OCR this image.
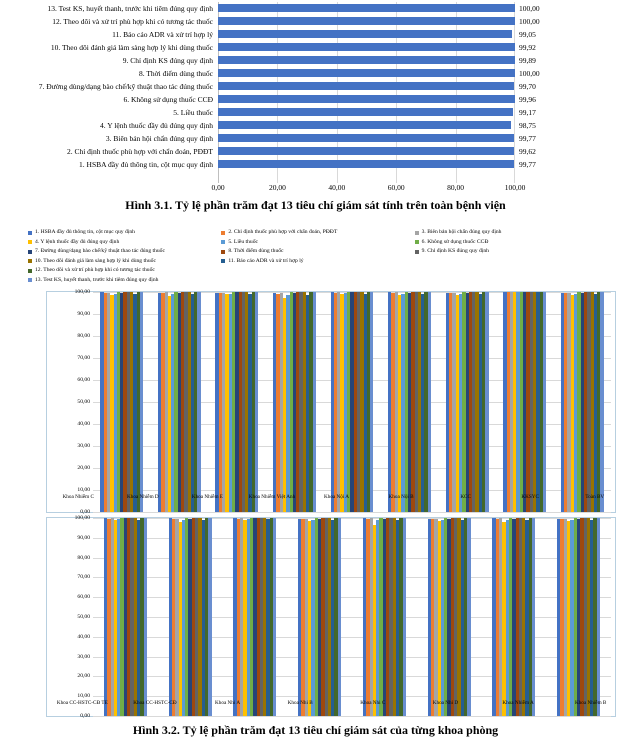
13. Test KS, huyết thanh, trước khi tiêm đúng quy định	100,00
12. Theo dõi và xử trí phù hợp khi có tương tác thuốc	100,00
11. Báo cáo ADR và xử trí hợp lý	99,05
10. Theo dõi đánh giá làm sàng hợp lý khi dùng thuốc	99,92
9. Chỉ định KS đúng quy định	99,89
8. Thời điểm dùng thuốc	100,00
7. Đường dùng/dạng bào chế/kỹ thuật thao tác đúng thuốc	99,70
6. Không sử dụng thuốc CCĐ	99,96
5. Liều thuốc	99,17
4. Y lệnh thuốc đầy đủ đúng quy định	98,75
3. Biên bản hội chẩn đúng quy định	99,77
2. Chỉ định thuốc phù hợp với chẩn đoán, PĐĐT	99,62
1. HSBA đầy đủ thông tin, cột mục quy định	99,77
0,00	20,00	40,00	60,00	80,00	100,00
Hình 3.1. Tỷ lệ phần trăm đạt 13 tiêu chí giám sát tính trên toàn bệnh viện
1. HSBA đầy đủ thông tin, cột mục quy định	2. Chỉ định thuốc phù hợp với chẩn đoán, PĐĐT	3. Biên bản hội chẩn đúng quy định
4. Y lệnh thuốc đầy đủ đúng quy định	5. Liều thuốc	6. Không sử dụng thuốc CCĐ
7. Đường dùng/dạng bào chế/kỹ thuật thao tác đúng thuốc	8. Thời điểm dùng thuốc	9. Chỉ định KS đúng quy định
10. Theo dõi đánh giá làm sàng hợp lý khi dùng thuốc	11. Báo cáo ADR và xử trí hợp lý
12. Theo dõi và xử trí phù hợp khi có tương tác thuốc
13. Test KS, huyết thanh, trước khi tiêm đúng quy định
0,00
10,00
20,00
30,00
40,00
50,00
60,00
70,00
80,00
90,00
100,00
Khoa Nhiễm C	Khoa Nhiễm D	Khoa Nhiễm E	Khoa Nhiễm Việt Anh	Khoa Nội A	Khoa Nội B	KCC	KKSYC	Toàn BV
0,00
10,00
20,00
30,00
40,00
50,00
60,00
70,00
80,00
90,00
100,00
Khoa CC-HSTC-CĐ TE	Khoa CC-HSTC-CĐ	Khoa Nhi A	Khoa Nhi B	Khoa Nhi C	Khoa Nhi D	Khoa Nhiễm A	Khoa Nhiễm B
Hình 3.2. Tỷ lệ phần trăm đạt 13 tiêu chí giám sát của từng khoa phòng
